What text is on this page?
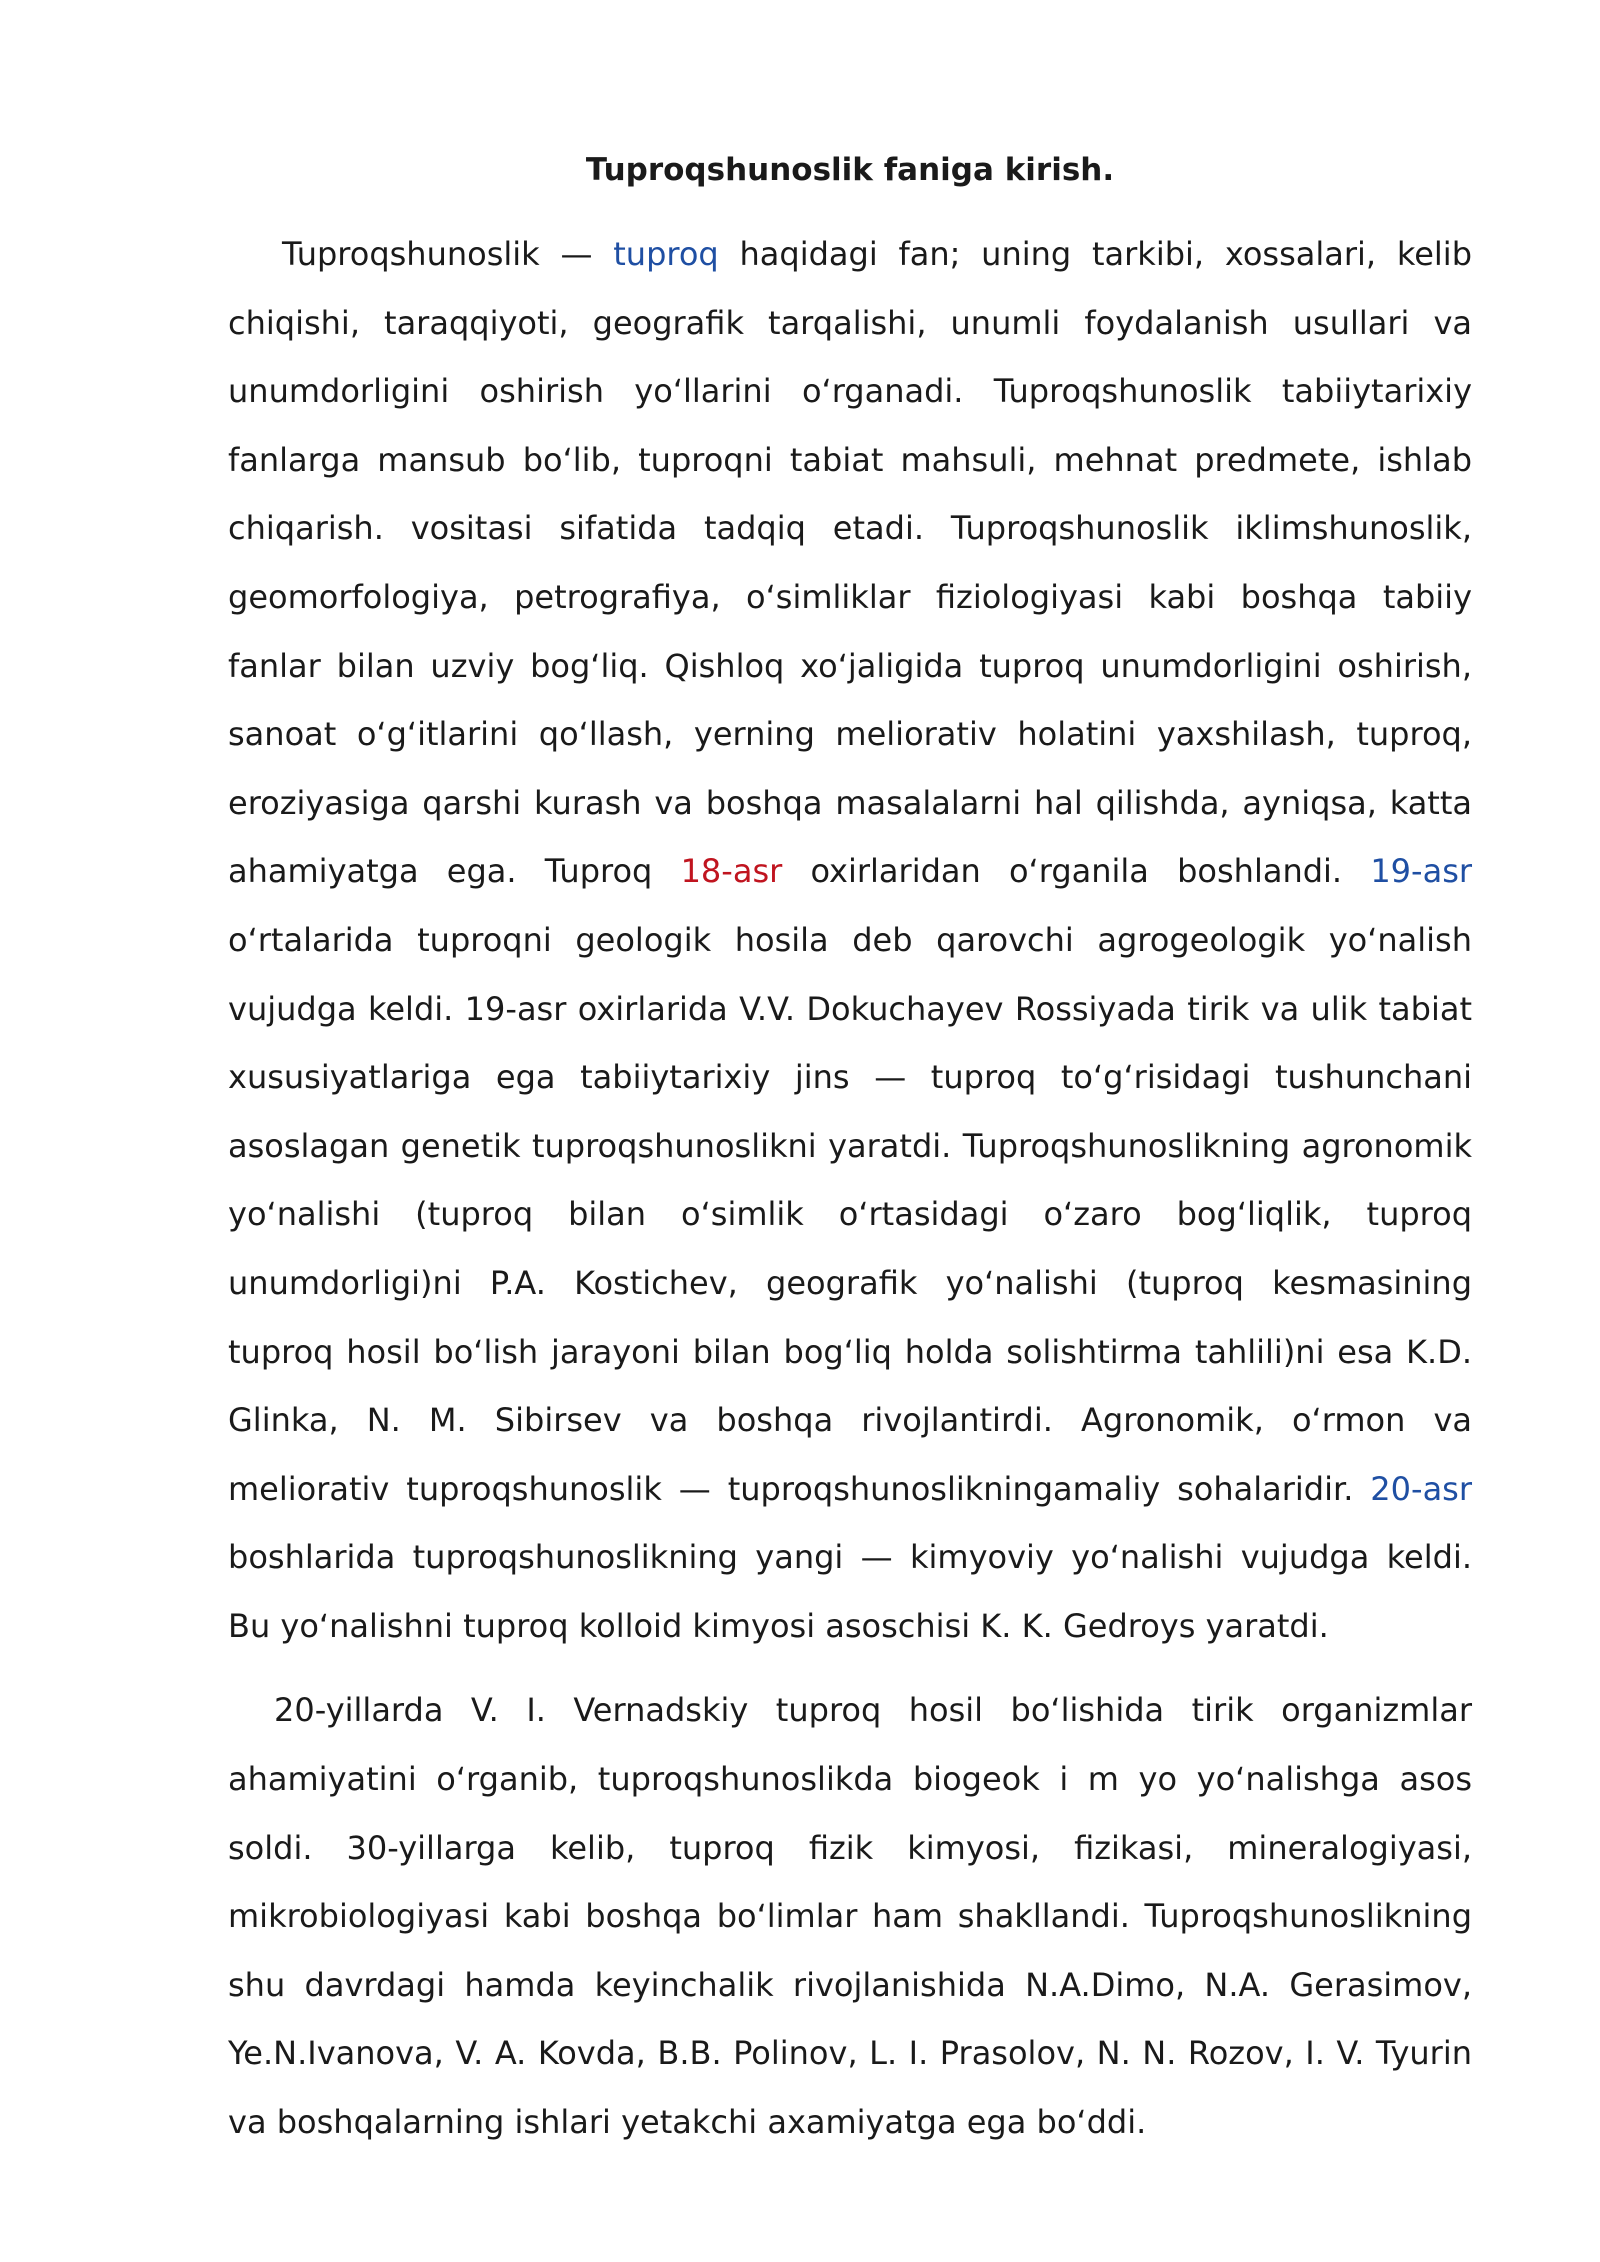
Tuproqshunoslik faniga kirish.

Tuproqshunoslik — tuproq haqidagi fan; uning tarkibi, xossalari, kelib chiqishi, taraqqiyoti, geografik tarqalishi, unumli foydalanish usullari va unumdorligini oshirish yoʻllarini oʻrganadi. Tuproqshunoslik tabiiytarixiy fanlarga mansub boʻlib, tuproqni tabiat mahsuli, mehnat predmete, ishlab chiqarish. vositasi sifatida tadqiq etadi. Tuproqshunoslik iklimshunoslik, geomorfologiya, petrografiya, oʻsimliklar fiziologiyasi kabi boshqa tabiiy fanlar bilan uzviy bogʻliq. Qishloq xoʻjaligida tuproq unumdorligini oshirish, sanoat oʻgʻitlarini qoʻllash, yerning meliorativ holatini yaxshilash, tuproq, eroziyasiga qarshi kurash va boshqa masalalarni hal qilishda, ayniqsa, katta ahamiyatga ega. Tuproq 18-asr oxirlaridan oʻrganila boshlandi. 19-asr oʻrtalarida tuproqni geologik hosila deb qarovchi agrogeologik yoʻnalish vujudga keldi. 19-asr oxirlarida V.V. Dokuchayev Rossiyada tirik va ulik tabiat xususiyatlariga ega tabiiytarixiy jins — tuproq toʻgʻrisidagi tushunchani asoslagan genetik tuproqshunoslikni yaratdi. Tuproqshunoslikning agronomik yoʻnalishi (tuproq bilan oʻsimlik oʻrtasidagi oʻzaro bogʻliqlik, tuproq unumdorligi)ni P.A. Kostichev, geografik yoʻnalishi (tuproq kesmasining tuproq hosil boʻlish jarayoni bilan bogʻliq holda solishtirma tahlili)ni esa K.D. Glinka, N. M. Sibirsev va boshqa rivojlantirdi. Agronomik, oʻrmon va meliorativ tuproqshunoslik — tuproqshunoslikningamaliy sohalaridir. 20-asr boshlarida tuproqshunoslikning yangi — kimyoviy yoʻnalishi vujudga keldi. Bu yoʻnalishni tuproq kolloid kimyosi asoschisi K. K. Gedroys yaratdi.

20-yillarda V. I. Vernadskiy tuproq hosil boʻlishida tirik organizmlar ahamiyatini oʻrganib, tuproqshunoslikda biogeok i m yo yoʻnalishga asos soldi. 30-yillarga kelib, tuproq fizik kimyosi, fizikasi, mineralogiyasi, mikrobiologiyasi kabi boshqa boʻlimlar ham shakllandi. Tuproqshunoslikning shu davrdagi hamda keyinchalik rivojlanishida N.A.Dimo, N.A. Gerasimov, Ye.N.Ivanova, V. A. Kovda, B.B. Polinov, L. I. Prasolov, N. N. Rozov, I. V. Tyurin va boshqalarning ishlari yetakchi axamiyatga ega boʻddi.
